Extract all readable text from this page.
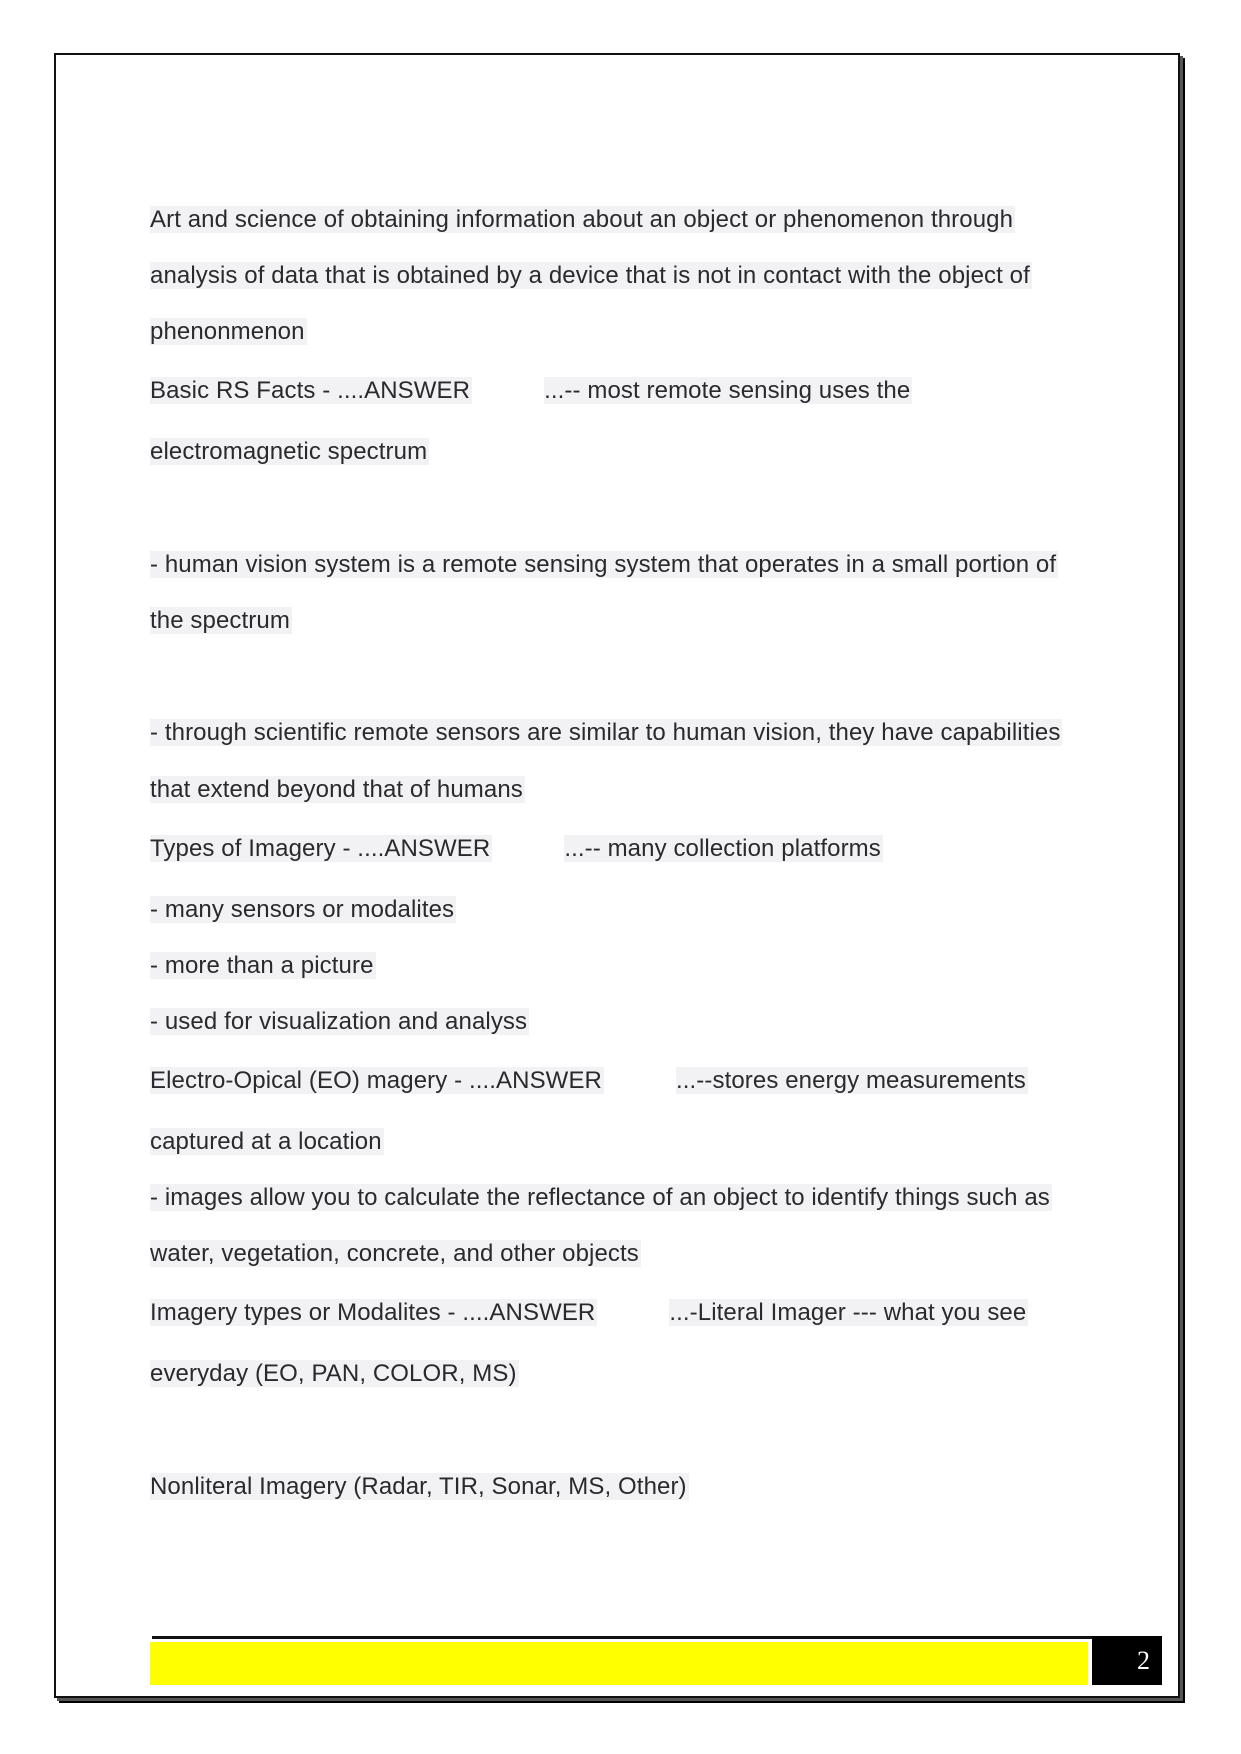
Art and science of obtaining information about an object or phenomenon through
analysis of data that is obtained by a device that is not in contact with the object of
phenonmenon
Basic RS Facts - ....ANSWER	...-- most remote sensing uses the
electromagnetic spectrum
- human vision system is a remote sensing system that operates in a small portion of
the spectrum
- through scientific remote sensors are similar to human vision, they have capabilities
that extend beyond that of humans
Types of Imagery - ....ANSWER	...-- many collection platforms
- many sensors or modalites
- more than a picture
- used for visualization and analyss
Electro-Opical (EO) magery - ....ANSWER	...--stores energy measurements
captured at a location
- images allow you to calculate the reflectance of an object to identify things such as
water, vegetation, concrete, and other objects
Imagery types or Modalites - ....ANSWER	...-Literal Imager --- what you see
everyday (EO, PAN, COLOR, MS)
Nonliteral Imagery (Radar, TIR, Sonar, MS, Other)
2
